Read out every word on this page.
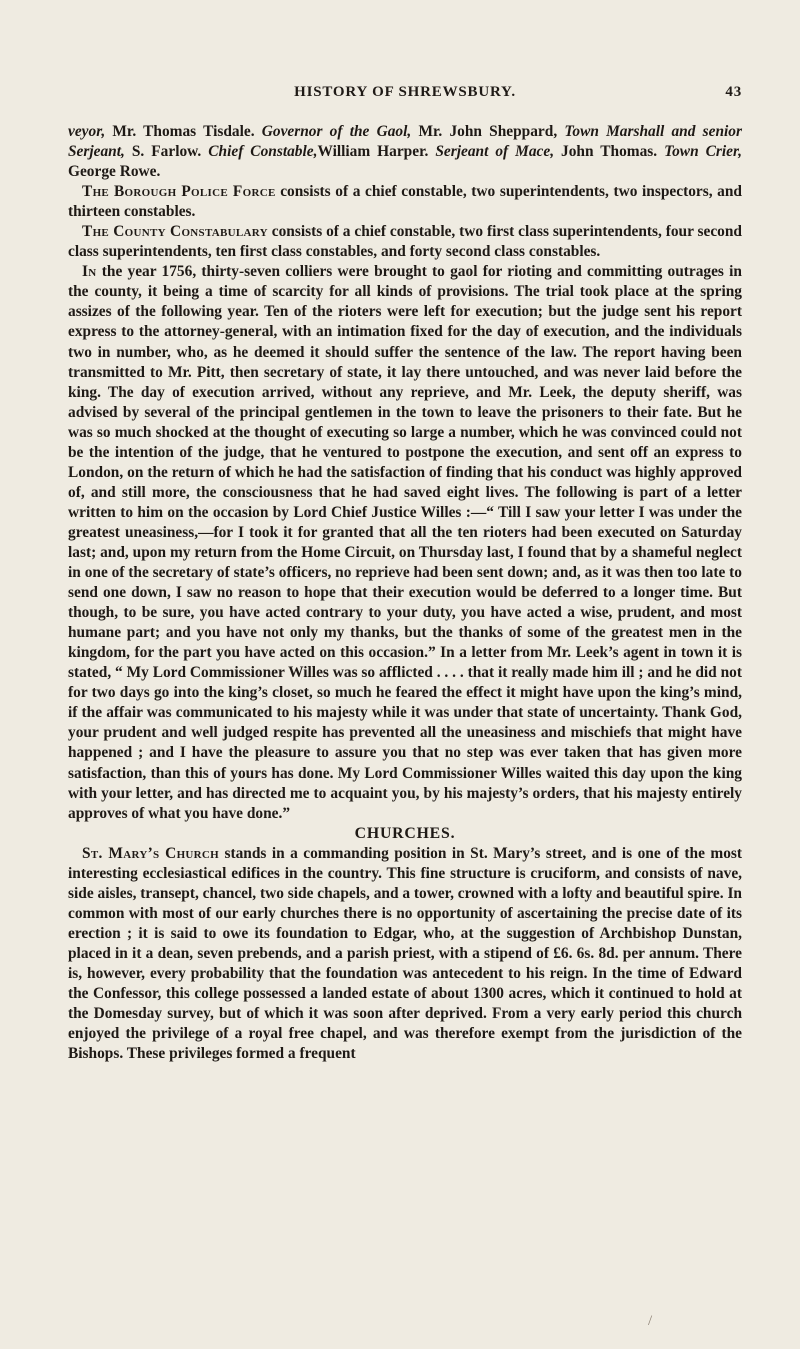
HISTORY OF SHREWSBURY.	43

veyor, Mr. Thomas Tisdale. Governor of the Gaol, Mr. John Sheppard, Town Marshall and senior Serjeant, S. Farlow. Chief Constable,William Harper. Serjeant of Mace, John Thomas. Town Crier, George Rowe.

The Borough Police Force consists of a chief constable, two superintendents, two inspectors, and thirteen constables.

The County Constabulary consists of a chief constable, two first class superintendents, four second class superintendents, ten first class constables, and forty second class constables.

In the year 1756, thirty-seven colliers were brought to gaol for rioting and committing outrages in the county, it being a time of scarcity for all kinds of provisions. The trial took place at the spring assizes of the following year. Ten of the rioters were left for execution; but the judge sent his report express to the attorney-general, with an intimation fixed for the day of execution, and the individuals two in number, who, as he deemed it should suffer the sentence of the law. The report having been transmitted to Mr. Pitt, then secretary of state, it lay there untouched, and was never laid before the king. The day of execution arrived, without any reprieve, and Mr. Leek, the deputy sheriff, was advised by several of the principal gentlemen in the town to leave the prisoners to their fate. But he was so much shocked at the thought of executing so large a number, which he was convinced could not be the intention of the judge, that he ventured to postpone the execution, and sent off an express to London, on the return of which he had the satisfaction of finding that his conduct was highly approved of, and still more, the consciousness that he had saved eight lives. The following is part of a letter written to him on the occasion by Lord Chief Justice Willes :—“ Till I saw your letter I was under the greatest uneasiness,—for I took it for granted that all the ten rioters had been executed on Saturday last; and, upon my return from the Home Circuit, on Thursday last, I found that by a shameful neglect in one of the secretary of state’s officers, no reprieve had been sent down; and, as it was then too late to send one down, I saw no reason to hope that their execution would be deferred to a longer time. But though, to be sure, you have acted contrary to your duty, you have acted a wise, prudent, and most humane part; and you have not only my thanks, but the thanks of some of the greatest men in the kingdom, for the part you have acted on this occasion.” In a letter from Mr. Leek’s agent in town it is stated, “ My Lord Commissioner Willes was so afflicted . . . . that it really made him ill ; and he did not for two days go into the king’s closet, so much he feared the effect it might have upon the king’s mind, if the affair was communicated to his majesty while it was under that state of uncertainty. Thank God, your prudent and well judged respite has prevented all the uneasiness and mischiefs that might have happened ; and I have the pleasure to assure you that no step was ever taken that has given more satisfaction, than this of yours has done. My Lord Commissioner Willes waited this day upon the king with your letter, and has directed me to acquaint you, by his majesty’s orders, that his majesty entirely approves of what you have done.”

CHURCHES.

St. Mary’s Church stands in a commanding position in St. Mary’s street, and is one of the most interesting ecclesiastical edifices in the country. This fine structure is cruciform, and consists of nave, side aisles, transept, chancel, two side chapels, and a tower, crowned with a lofty and beautiful spire. In common with most of our early churches there is no opportunity of ascertaining the precise date of its erection ; it is said to owe its foundation to Edgar, who, at the suggestion of Archbishop Dunstan, placed in it a dean, seven prebends, and a parish priest, with a stipend of £6. 6s. 8d. per annum. There is, however, every probability that the foundation was antecedent to his reign. In the time of Edward the Confessor, this college possessed a landed estate of about 1300 acres, which it continued to hold at the Domesday survey, but of which it was soon after deprived. From a very early period this church enjoyed the privilege of a royal free chapel, and was therefore exempt from the jurisdiction of the Bishops. These privileges formed a frequent

/
